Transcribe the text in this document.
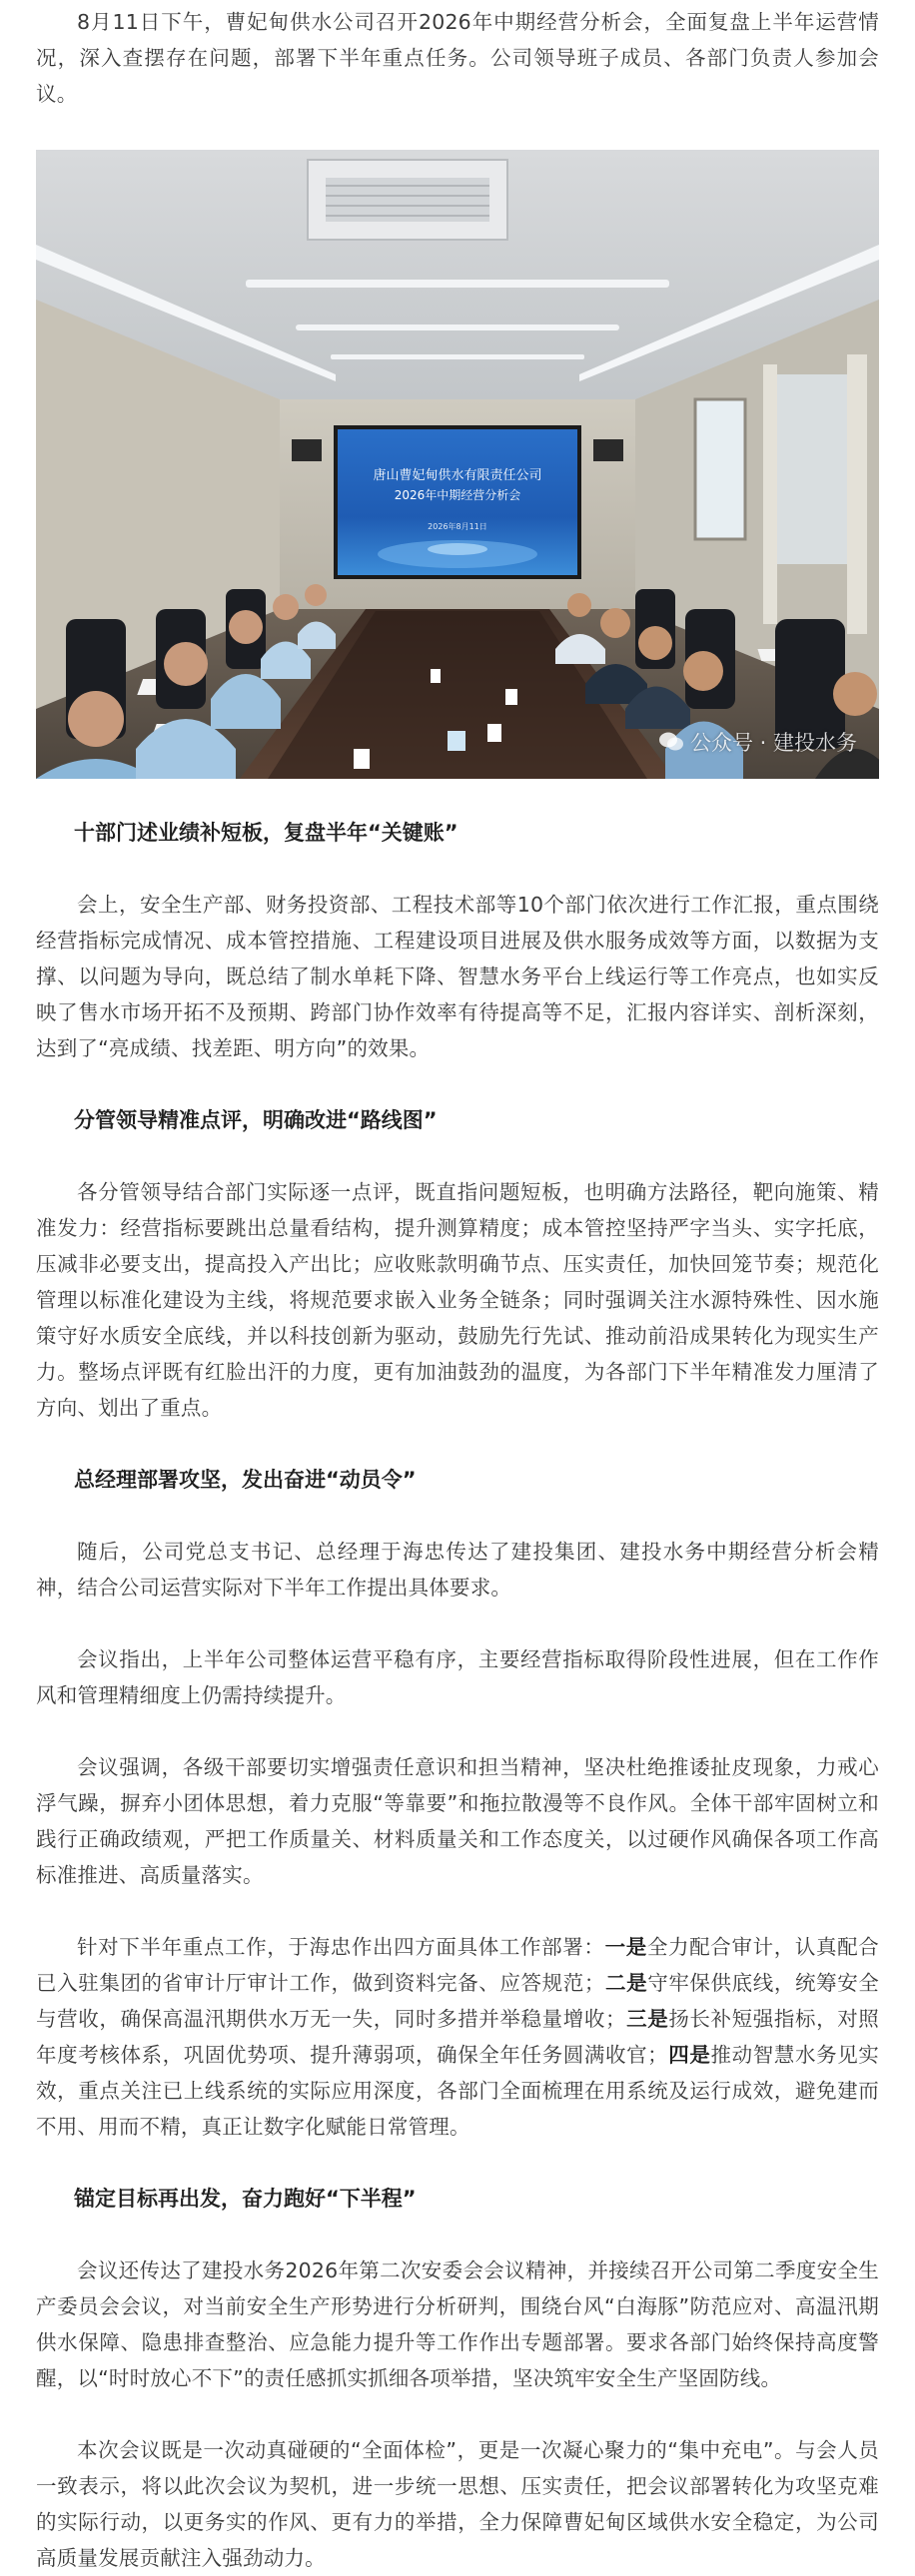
8月11日下午，曹妃甸供水公司召开2026年中期经营分析会，全面复盘上半年运营情况，深入查摆存在问题，部署下半年重点任务。公司领导班子成员、各部门负责人参加会议。

唐山曹妃甸供水有限责任公司
2026年中期经营分析会
2026年8月11日
公众号 · 建投水务
十部门述业绩补短板，复盘半年“关键账”

会上，安全生产部、财务投资部、工程技术部等10个部门依次进行工作汇报，重点围绕经营指标完成情况、成本管控措施、工程建设项目进展及供水服务成效等方面，以数据为支撑、以问题为导向，既总结了制水单耗下降、智慧水务平台上线运行等工作亮点，也如实反映了售水市场开拓不及预期、跨部门协作效率有待提高等不足，汇报内容详实、剖析深刻，达到了“亮成绩、找差距、明方向”的效果。

分管领导精准点评，明确改进“路线图”

各分管领导结合部门实际逐一点评，既直指问题短板，也明确方法路径，靶向施策、精准发力：经营指标要跳出总量看结构，提升测算精度；成本管控坚持严字当头、实字托底，压减非必要支出，提高投入产出比；应收账款明确节点、压实责任，加快回笼节奏；规范化管理以标准化建设为主线，将规范要求嵌入业务全链条；同时强调关注水源特殊性、因水施策守好水质安全底线，并以科技创新为驱动，鼓励先行先试、推动前沿成果转化为现实生产力。整场点评既有红脸出汗的力度，更有加油鼓劲的温度，为各部门下半年精准发力厘清了方向、划出了重点。

总经理部署攻坚，发出奋进“动员令”

随后，公司党总支书记、总经理于海忠传达了建投集团、建投水务中期经营分析会精神，结合公司运营实际对下半年工作提出具体要求。

会议指出，上半年公司整体运营平稳有序，主要经营指标取得阶段性进展，但在工作作风和管理精细度上仍需持续提升。

会议强调，各级干部要切实增强责任意识和担当精神，坚决杜绝推诿扯皮现象，力戒心浮气躁，摒弃小团体思想，着力克服“等靠要”和拖拉散漫等不良作风。全体干部牢固树立和践行正确政绩观，严把工作质量关、材料质量关和工作态度关，以过硬作风确保各项工作高标准推进、高质量落实。

针对下半年重点工作，于海忠作出四方面具体工作部署：一是全力配合审计，认真配合已入驻集团的省审计厅审计工作，做到资料完备、应答规范；二是守牢保供底线，统筹安全与营收，确保高温汛期供水万无一失，同时多措并举稳量增收；三是扬长补短强指标，对照年度考核体系，巩固优势项、提升薄弱项，确保全年任务圆满收官；四是推动智慧水务见实效，重点关注已上线系统的实际应用深度，各部门全面梳理在用系统及运行成效，避免建而不用、用而不精，真正让数字化赋能日常管理。

锚定目标再出发，奋力跑好“下半程”

会议还传达了建投水务2026年第二次安委会会议精神，并接续召开公司第二季度安全生产委员会会议，对当前安全生产形势进行分析研判，围绕台风“白海豚”防范应对、高温汛期供水保障、隐患排查整治、应急能力提升等工作作出专题部署。要求各部门始终保持高度警醒，以“时时放心不下”的责任感抓实抓细各项举措，坚决筑牢安全生产坚固防线。

本次会议既是一次动真碰硬的“全面体检”，更是一次凝心聚力的“集中充电”。与会人员一致表示，将以此次会议为契机，进一步统一思想、压实责任，把会议部署转化为攻坚克难的实际行动，以更务实的作风、更有力的举措，全力保障曹妃甸区域供水安全稳定，为公司高质量发展贡献注入强劲动力。
